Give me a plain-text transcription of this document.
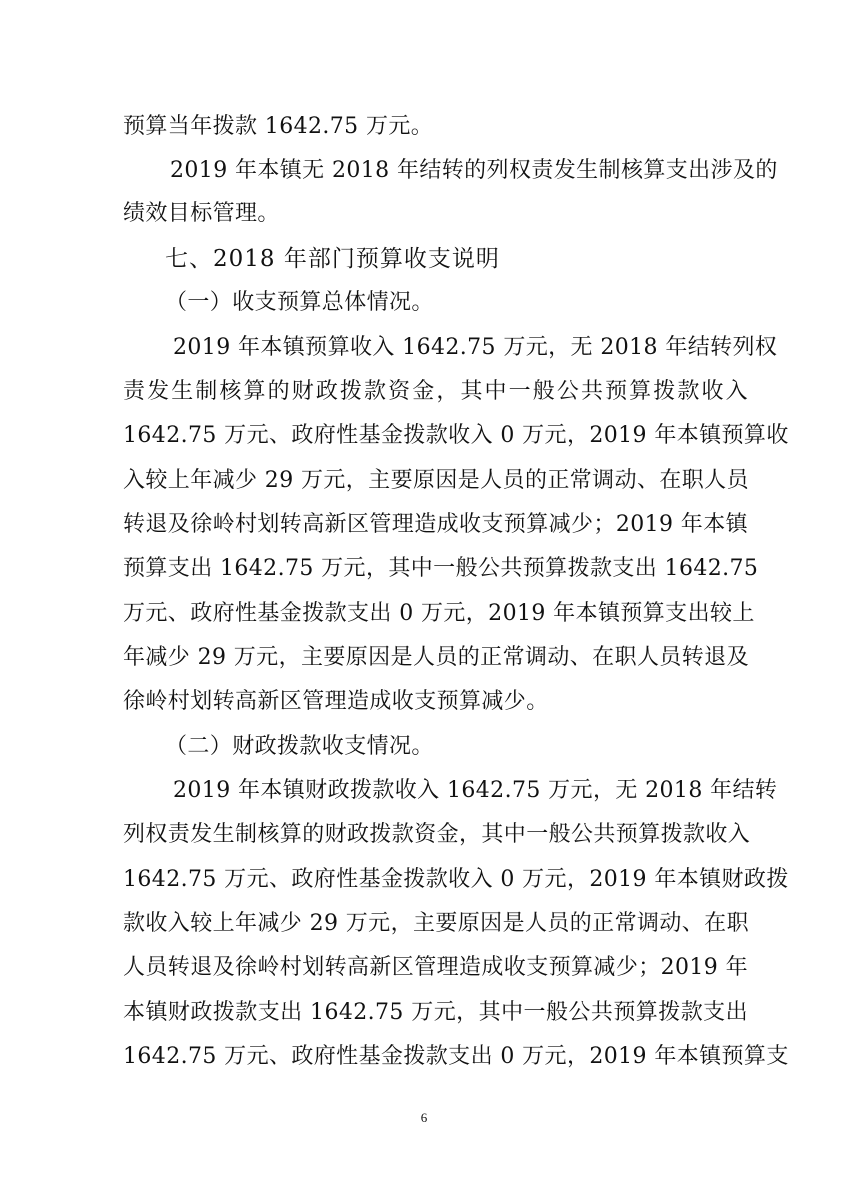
预算当年拨款 1642.75 万元。
2019 年本镇无 2018 年结转的列权责发生制核算支出涉及的
绩效目标管理。
七、2018 年部门预算收支说明
（一）收支预算总体情况。
2019 年本镇预算收入 1642.75 万元，无 2018 年结转列权
责发生制核算的财政拨款资金，其中一般公共预算拨款收入
1642.75 万元、政府性基金拨款收入 0 万元，2019 年本镇预算收
入较上年减少 29 万元，主要原因是人员的正常调动、在职人员
转退及徐岭村划转高新区管理造成收支预算减少；2019 年本镇
预算支出 1642.75 万元，其中一般公共预算拨款支出 1642.75
万元、政府性基金拨款支出 0 万元，2019 年本镇预算支出较上
年减少 29 万元，主要原因是人员的正常调动、在职人员转退及
徐岭村划转高新区管理造成收支预算减少。
（二）财政拨款收支情况。
2019 年本镇财政拨款收入 1642.75 万元，无 2018 年结转
列权责发生制核算的财政拨款资金，其中一般公共预算拨款收入
1642.75 万元、政府性基金拨款收入 0 万元，2019 年本镇财政拨
款收入较上年减少 29 万元，主要原因是人员的正常调动、在职
人员转退及徐岭村划转高新区管理造成收支预算减少；2019 年
本镇财政拨款支出 1642.75 万元，其中一般公共预算拨款支出
1642.75 万元、政府性基金拨款支出 0 万元，2019 年本镇预算支
6
